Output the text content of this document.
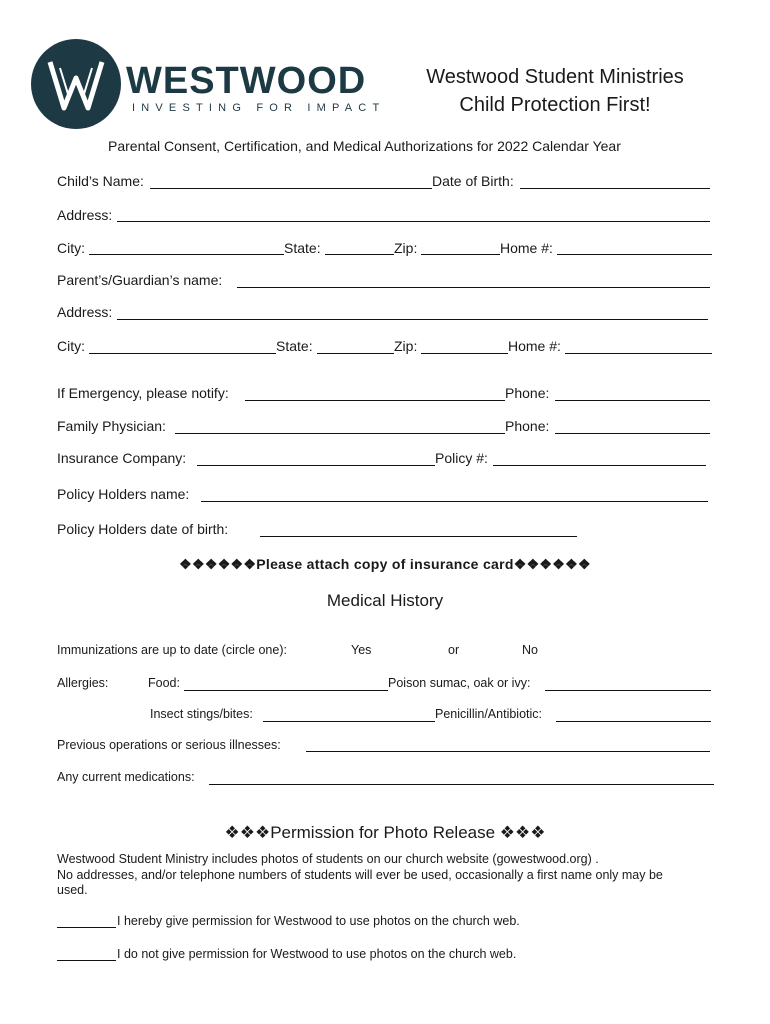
WESTWOOD
INVESTING FOR IMPACT
Westwood Student Ministries
Child Protection First!
Parental Consent, Certification, and Medical Authorizations for 2022 Calendar Year
Child’s Name:	Date of Birth:
Address:
City:	State:	Zip:	Home #:
Parent’s/Guardian’s name:
Address:
City:	State:	Zip:	Home #:
If Emergency, please notify:	Phone:
Family Physician:	Phone:
Insurance Company:	Policy #:
Policy Holders name:
Policy Holders date of birth:
❖❖❖❖❖❖Please attach copy of insurance card❖❖❖❖❖❖
Medical History
Immunizations are up to date (circle one):	Yes	or	No
Allergies:	Food:	Poison sumac, oak or ivy:
Insect stings/bites:	Penicillin/Antibiotic:
Previous operations or serious illnesses:
Any current medications:
❖❖❖Permission for Photo Release ❖❖❖
Westwood Student Ministry includes photos of students on our church website (gowestwood.org) .
No addresses, and/or telephone numbers of students will ever be used, occasionally a first name only may be
used.
I hereby give permission for Westwood to use photos on the church web.
I do not give permission for Westwood to use photos on the church web.
